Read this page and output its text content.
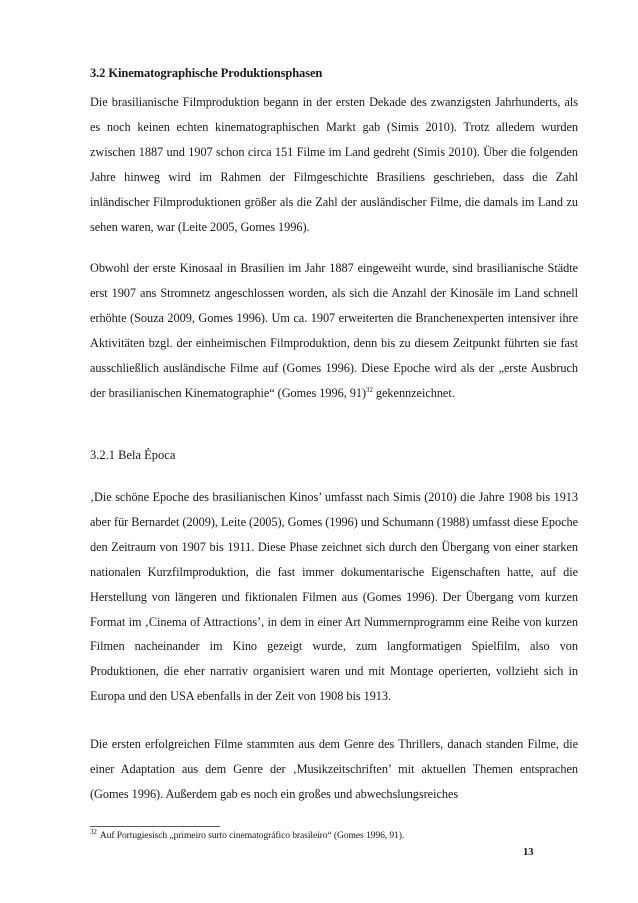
3.2 Kinematographische Produktionsphasen

Die brasilianische Filmproduktion begann in der ersten Dekade des zwanzigsten Jahrhunderts, als es noch keinen echten kinematographischen Markt gab (Simis 2010). Trotz alledem wurden zwischen 1887 und 1907 schon circa 151 Filme im Land gedreht (Simis 2010). Über die folgenden Jahre hinweg wird im Rahmen der Filmgeschichte Brasiliens geschrieben, dass die Zahl inländischer Filmproduktionen größer als die Zahl der ausländischer Filme, die damals im Land zu sehen waren, war (Leite 2005, Gomes 1996).

Obwohl der erste Kinosaal in Brasilien im Jahr 1887 eingeweiht wurde, sind brasilianische Städte erst 1907 ans Stromnetz angeschlossen worden, als sich die Anzahl der Kinosäle im Land schnell erhöhte (Souza 2009, Gomes 1996). Um ca. 1907 erweiterten die Branchenexperten intensiver ihre Aktivitäten bzgl. der einheimischen Filmproduktion, denn bis zu diesem Zeitpunkt führten sie fast ausschließlich ausländische Filme auf (Gomes 1996). Diese Epoche wird als der „erste Ausbruch der brasilianischen Kinematographie“ (Gomes 1996, 91)$^{32}$ gekennzeichnet.

3.2.1 Bela Época

‚Die schöne Epoche des brasilianischen Kinos’ umfasst nach Simis (2010) die Jahre 1908 bis 1913 aber für Bernardet (2009), Leite (2005), Gomes (1996) und Schumann (1988) umfasst diese Epoche den Zeitraum von 1907 bis 1911. Diese Phase zeichnet sich durch den Übergang von einer starken nationalen Kurzfilmproduktion, die fast immer dokumentarische Eigenschaften hatte, auf die Herstellung von längeren und fiktionalen Filmen aus (Gomes 1996). Der Übergang vom kurzen Format im ‚Cinema of Attractions’, in dem in einer Art Nummernprogramm eine Reihe von kurzen Filmen nacheinander im Kino gezeigt wurde, zum langformatigen Spielfilm, also von Produktionen, die eher narrativ organisiert waren und mit Montage operierten, vollzieht sich in Europa und den USA ebenfalls in der Zeit von 1908 bis 1913.

Die ersten erfolgreichen Filme stammten aus dem Genre des Thrillers, danach standen Filme, die einer Adaptation aus dem Genre der ‚Musikzeitschriften’ mit aktuellen Themen entsprachen (Gomes 1996). Außerdem gab es noch ein großes und abwechslungsreiches

$^{32}$ Auf Portugiesisch „primeiro surto cinematográfico brasileiro“ (Gomes 1996, 91).
13
